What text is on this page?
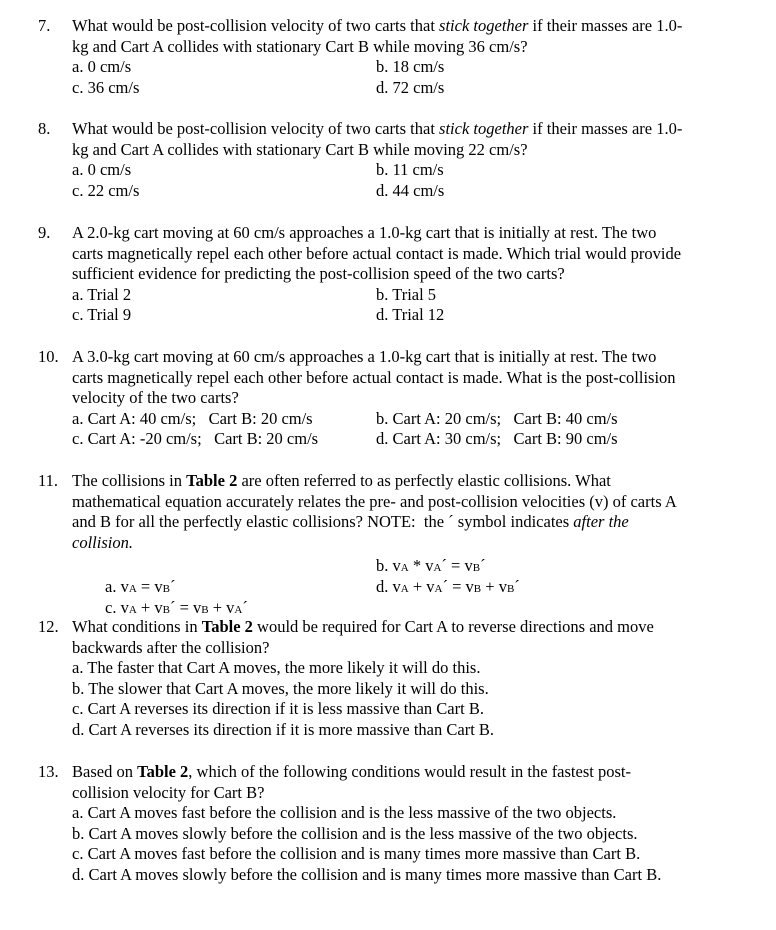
7.	What would be post-collision velocity of two carts that stick together if their masses are 1.0-
kg and Cart A collides with stationary Cart B while moving 36 cm/s?
a. 0 cm/s	b. 18 cm/s
c. 36 cm/s	d. 72 cm/s
8.	What would be post-collision velocity of two carts that stick together if their masses are 1.0-
kg and Cart A collides with stationary Cart B while moving 22 cm/s?
a. 0 cm/s	b. 11 cm/s
c. 22 cm/s	d. 44 cm/s
9.	A 2.0-kg cart moving at 60 cm/s approaches a 1.0-kg cart that is initially at rest. The two
carts magnetically repel each other before actual contact is made. Which trial would provide
sufficient evidence for predicting the post-collision speed of the two carts?
a. Trial 2	b. Trial 5
c. Trial 9	d. Trial 12
10. A 3.0-kg cart moving at 60 cm/s approaches a 1.0-kg cart that is initially at rest. The two
carts magnetically repel each other before actual contact is made. What is the post-collision
velocity of the two carts?
a. Cart A: 40 cm/s;   Cart B: 20 cm/s	b. Cart A: 20 cm/s;   Cart B: 40 cm/s
c. Cart A: -20 cm/s;   Cart B: 20 cm/s	d. Cart A: 30 cm/s;   Cart B: 90 cm/s
11. The collisions in Table 2 are often referred to as perfectly elastic collisions. What
mathematical equation accurately relates the pre- and post-collision velocities (v) of carts A
and B for all the perfectly elastic collisions? NOTE:  the ´ symbol indicates after the
collision.

a. vA = vB´

b. vA * vA´ = vB´

c. vA + vB´ = vB + vA´

d. vA + vA´ = vB + vB´

12. What conditions in Table 2 would be required for Cart A to reverse directions and move
backwards after the collision?
a. The faster that Cart A moves, the more likely it will do this.
b. The slower that Cart A moves, the more likely it will do this.
c. Cart A reverses its direction if it is less massive than Cart B.
d. Cart A reverses its direction if it is more massive than Cart B.
13. Based on Table 2, which of the following conditions would result in the fastest post-
collision velocity for Cart B?
a. Cart A moves fast before the collision and is the less massive of the two objects.
b. Cart A moves slowly before the collision and is the less massive of the two objects.
c. Cart A moves fast before the collision and is many times more massive than Cart B.
d. Cart A moves slowly before the collision and is many times more massive than Cart B.
